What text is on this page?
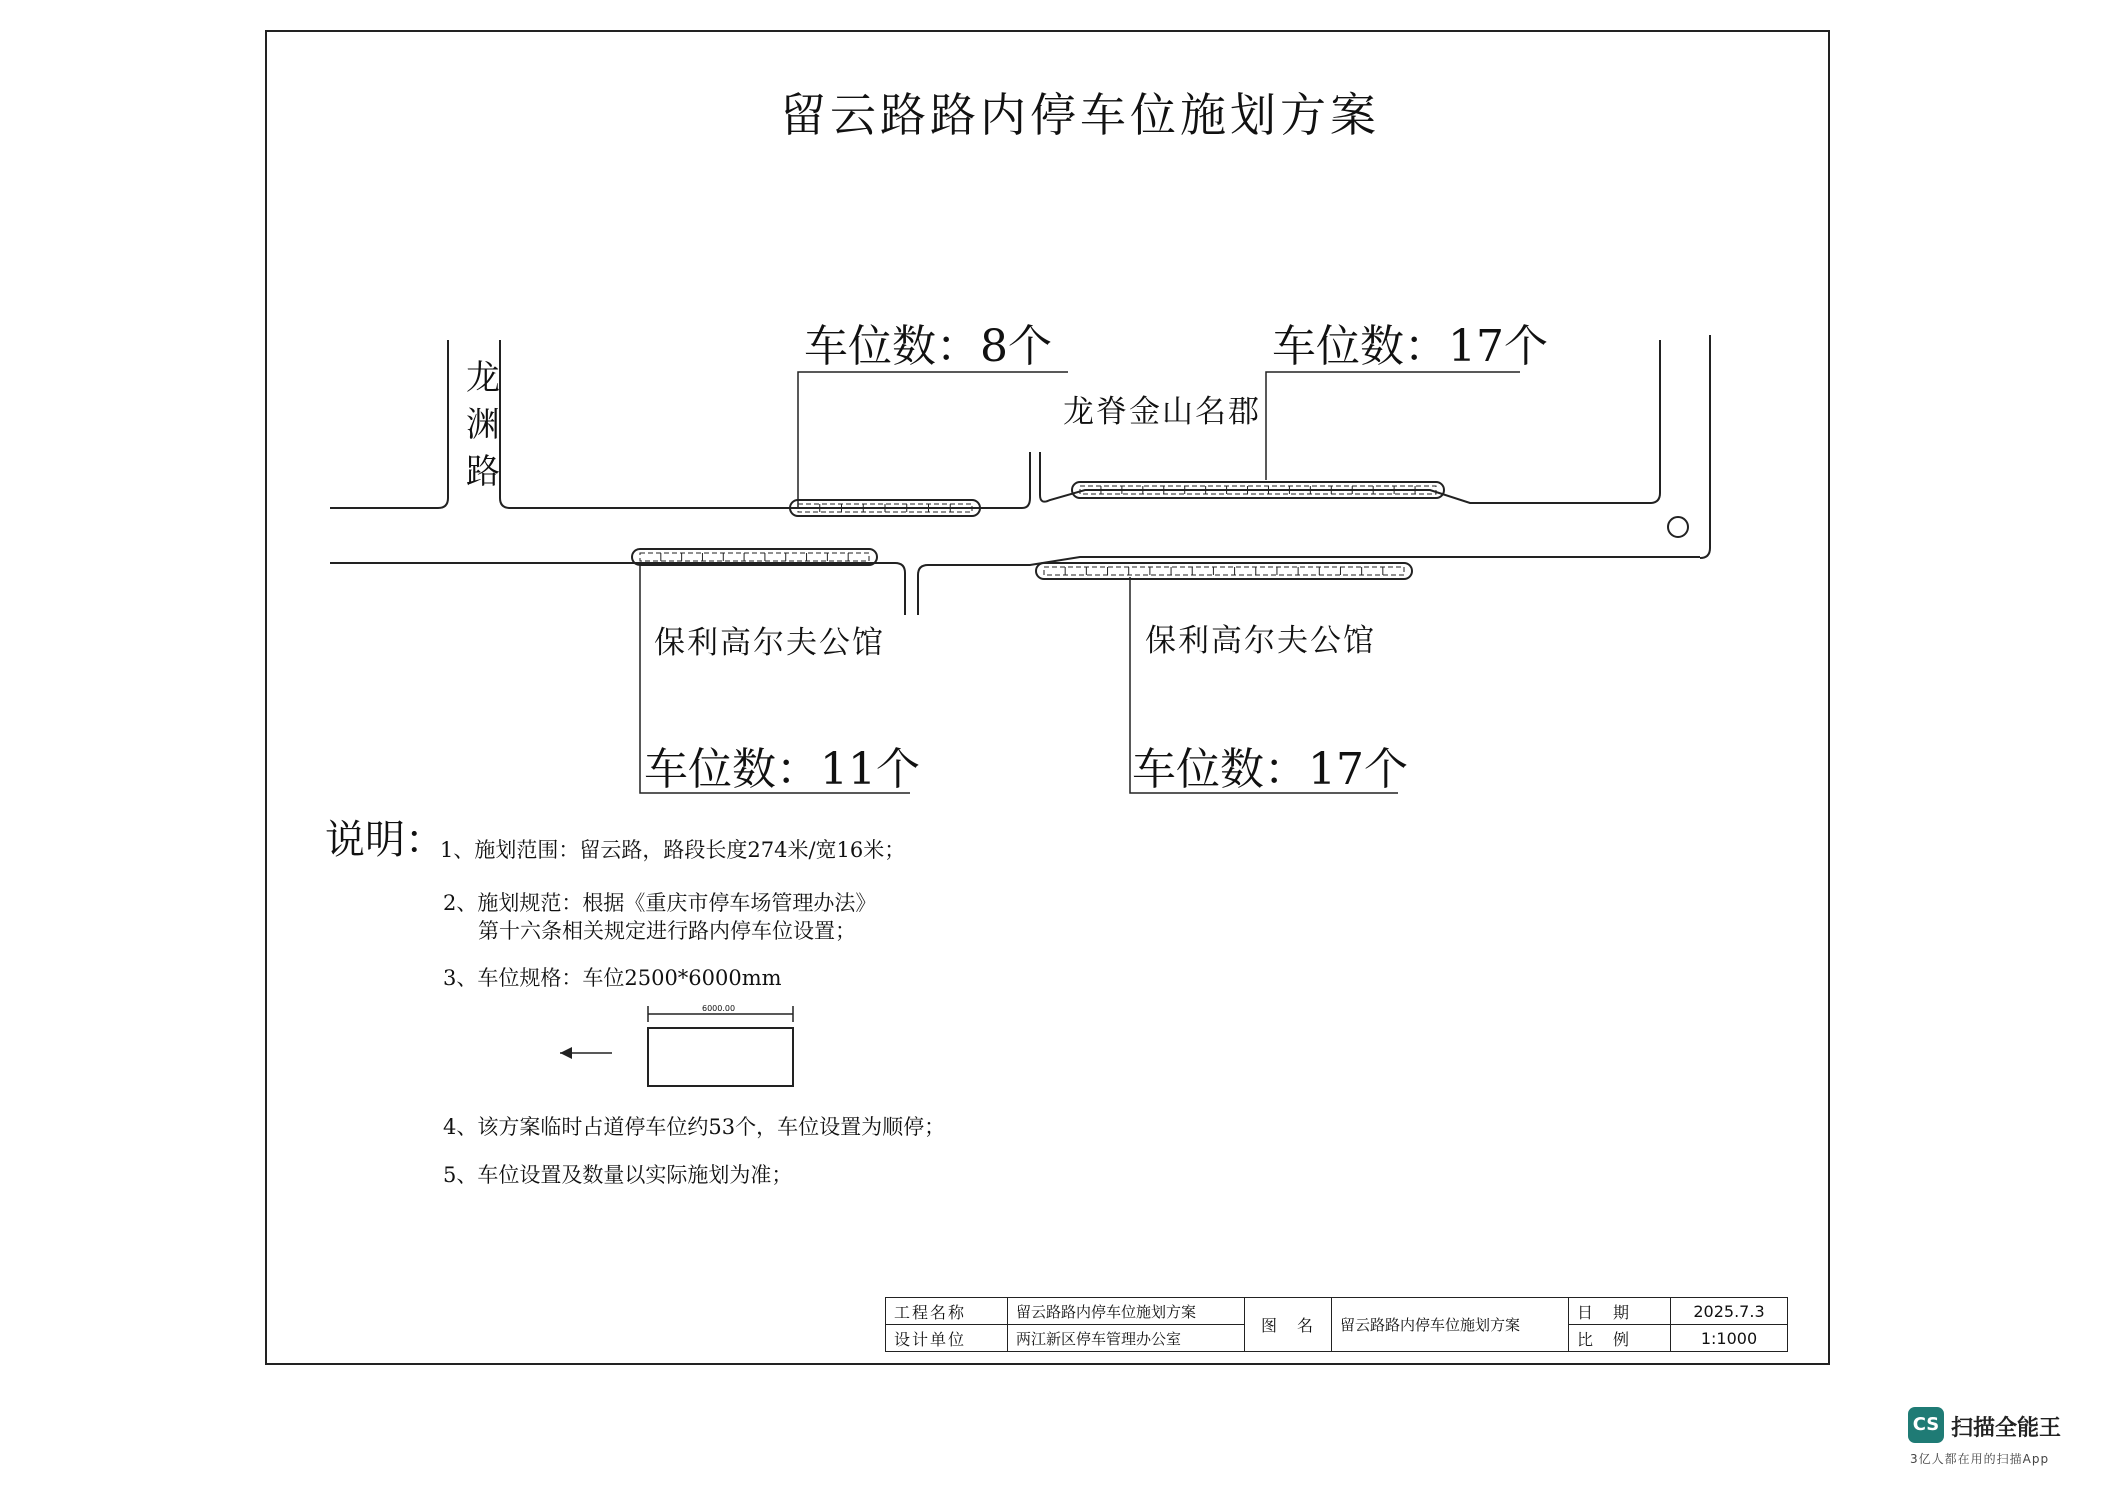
留云路路内停车位施划方案
车位数：8个	车位数：17个
车位数：11个	车位数：17个
龙脊金山名郡
保利高尔夫公馆	保利高尔夫公馆
龙渊路
说明：
1、施划范围：留云路，路段长度274米/宽16米；
2、施划规范：根据《重庆市停车场管理办法》
第十六条相关规定进行路内停车位设置；
3、车位规格：车位2500*6000mm
6000.00
4、该方案临时占道停车位约53个，车位设置为顺停；
5、车位设置及数量以实际施划为准；
工程名称	留云路路内停车位施划方案	图　名	留云路路内停车位施划方案	日　期	2025.7.3
设计单位	两江新区停车管理办公室			比　例	1:1000
CS 扫描全能王
3亿人都在用的扫描App
